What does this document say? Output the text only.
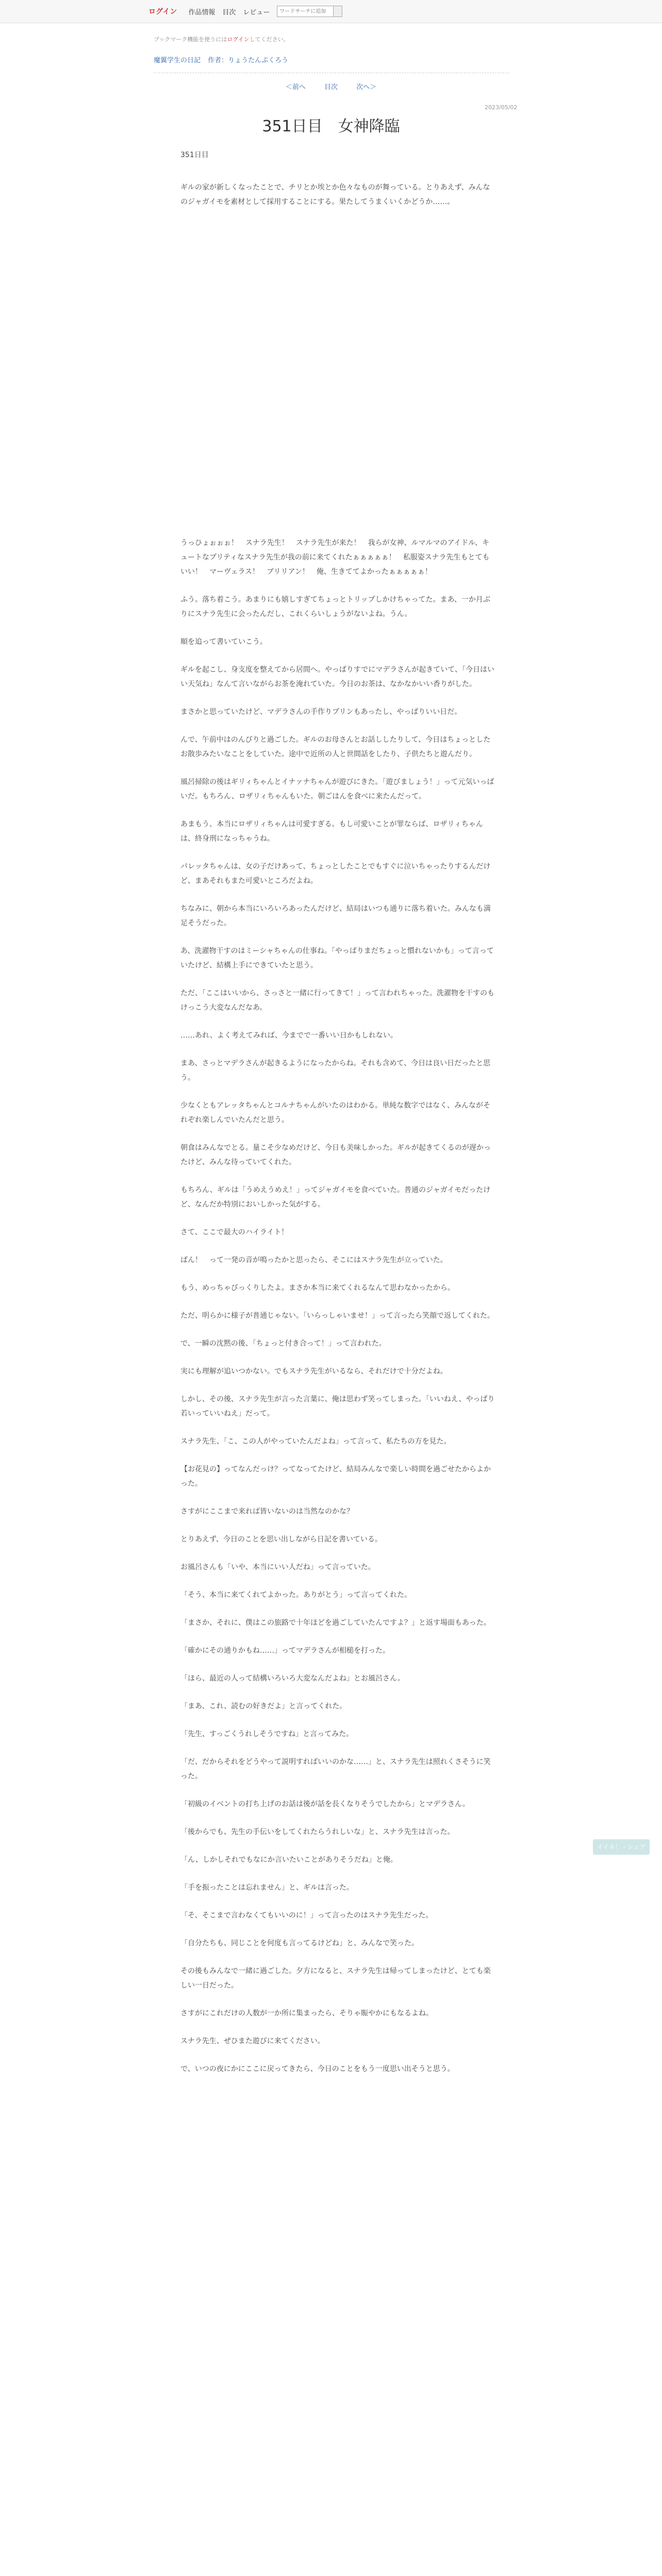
ログイン 作品情報 目次 レビュー
ワードサーチに追加
ブックマーク機能を使うにはログインしてください。
魔翼学生の日記 作者：りょうたんぷくろう
＜前へ	目次	次へ＞
2023/05/02
351日目　女神降臨
351日目

ギルの家が新しくなったことで、チリとか埃とか色々なものが舞っている。とりあえず、みんなのジャガイモを素材として採用することにする。果たしてうまくいくかどうか……。

うっひょぉぉぉ！　スナラ先生！　スナラ先生が来た！　我らが女神、ルマルマのアイドル、キュートなプリティなスナラ先生が我の前に来てくれたぁぁぁぁぁ！　私服姿スナラ先生もとてもいい！　マーヴェラス！　ブリリアン！　俺、生きててよかったぁぁぁぁぁ！

ふう。落ち着こう。あまりにも嬉しすぎてちょっとトリップしかけちゃってた。まあ、一か月ぶりにスナラ先生に会ったんだし、これくらいしょうがないよね。うん。

順を追って書いていこう。

ギルを起こし、身支度を整えてから居間へ。やっぱりすでにマデラさんが起きていて、「今日はいい天気ね」なんて言いながらお茶を淹れていた。今日のお茶は、なかなかいい香りがした。

まさかと思っていたけど、マデラさんの手作りプリンもあったし、やっぱりいい日だ。

んで、午前中はのんびりと過ごした。ギルのお母さんとお話ししたりして、今日はちょっとしたお散歩みたいなことをしていた。途中で近所の人と世間話をしたり、子供たちと遊んだり。

風呂掃除の後はギリィちゃんとイナァナちゃんが遊びにきた。「遊びましょう！」って元気いっぱいだ。もちろん、ロザリィちゃんもいた。朝ごはんを食べに来たんだって。

あまもう、本当にロザリィちゃんは可愛すぎる。もし可愛いことが罪ならば、ロザリィちゃんは、終身刑になっちゃうね。

パレッタちゃんは、女の子だけあって、ちょっとしたことでもすぐに泣いちゃったりするんだけど、まあそれもまた可愛いところだよね。

ちなみに、朝から本当にいろいろあったんだけど、結局はいつも通りに落ち着いた。みんなも満足そうだった。

あ、洗濯物干すのはミーシャちゃんの仕事ね。「やっぱりまだちょっと慣れないかも」って言っていたけど、結構上手にできていたと思う。

ただ、「ここはいいから、さっさと一緒に行ってきて！」って言われちゃった。洗濯物を干すのもけっこう大変なんだなあ。

……あれ、よく考えてみれば、今までで一番いい日かもしれない。

まあ、さっとマデラさんが起きるようになったからね。それも含めて、今日は良い日だったと思う。

少なくともアレッタちゃんとコルナちゃんがいたのはわかる。単純な数字ではなく、みんながそれぞれ楽しんでいたんだと思う。

朝食はみんなでとる。量こそ少なめだけど、今日も美味しかった。ギルが起きてくるのが遅かったけど、みんな待っていてくれた。

もちろん、ギルは「うめえうめえ！」ってジャガイモを食べていた。普通のジャガイモだったけど、なんだか特別においしかった気がする。

さて、ここで最大のハイライト！

ぱん！　って一発の音が鳴ったかと思ったら、そこにはスナラ先生が立っていた。

もう、めっちゃびっくりしたよ。まさか本当に来てくれるなんて思わなかったから。

ただ、明らかに様子が普通じゃない。「いらっしゃいませ！」って言ったら笑顔で返してくれた。

で、一瞬の沈黙の後、「ちょっと付き合って！」って言われた。

実にも理解が追いつかない。でもスナラ先生がいるなら、それだけで十分だよね。

しかし、その後、スナラ先生が言った言葉に、俺は思わず笑ってしまった。「いいねえ、やっぱり若いっていいねえ」だって。

スナラ先生、「こ、この人がやっていたんだよね」って言って、私たちの方を見た。

【お花見の】ってなんだっけ？ってなってたけど、結局みんなで楽しい時間を過ごせたからよかった。

さすがにここまで来れば皆いないのは当然なのかな？

とりあえず、今日のことを思い出しながら日記を書いている。

お風呂さんも「いや、本当にいい人だね」って言っていた。

「そう、本当に来てくれてよかった。ありがとう」って言ってくれた。

「まさか、それに、僕はこの旅路で十年ほどを過ごしていたんですよ？」と返す場面もあった。

「確かにその通りかもね……」ってマデラさんが相槌を打った。

「ほら、最近の人って結構いろいろ大変なんだよね」とお風呂さん。

「まあ、これ、読むの好きだよ」と言ってくれた。

「先生、すっごくうれしそうですね」と言ってみた。

「だ、だからそれをどうやって説明すればいいのかな……」と、スナラ先生は照れくさそうに笑った。

「初級のイベントの打ち上げのお話は後が話を長くなりそうでしたから」とマデラさん。

「後からでも、先生の手伝いをしてくれたらうれしいな」と、スナラ先生は言った。

「ん、しかしそれでもなにか言いたいことがありそうだね」と俺。

「手を振ったことは忘れません」と、ギルは言った。

「そ、そこまで言わなくてもいいのに！」って言ったのはスナラ先生だった。

「自分たちも、同じことを何度も言ってるけどね」と、みんなで笑った。

その後もみんなで一緒に過ごした。夕方になると、スナラ先生は帰ってしまったけど、とても楽しい一日だった。

さすがにこれだけの人数が一か所に集まったら、そりゃ賑やかにもなるよね。

スナラ先生、ぜひまた遊びに来てください。

で、いつの夜にかにここに戻ってきたら、今日のことをもう一度思い出そうと思う。

イイネ！・シェア
